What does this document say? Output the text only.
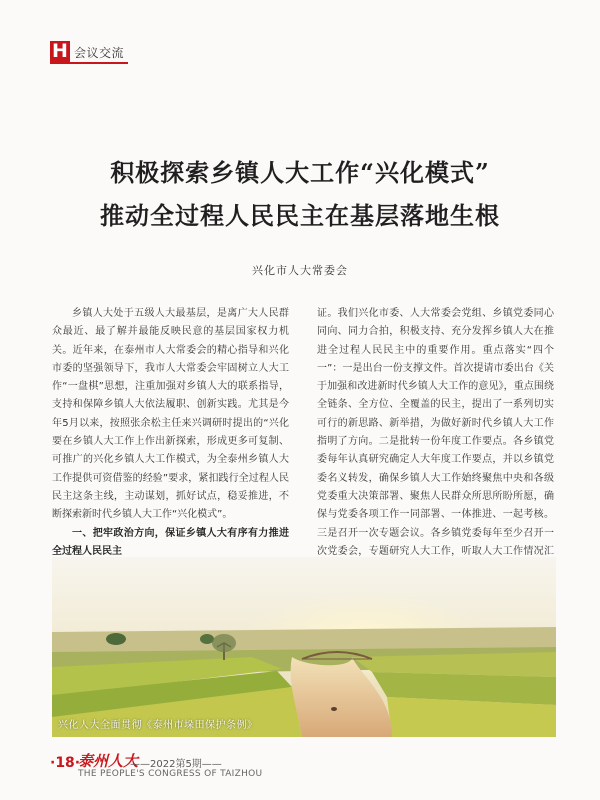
H 会议交流
积极探索乡镇人大工作“兴化模式”
推动全过程人民民主在基层落地生根
兴化市人大常委会

乡镇人大处于五级人大最基层，是离广大人民群众最近、最了解并最能反映民意的基层国家权力机关。近年来，在泰州市人大常委会的精心指导和兴化市委的坚强领导下，我市人大常委会牢固树立人大工作“一盘棋”思想，注重加强对乡镇人大的联系指导，支持和保障乡镇人大依法履职、创新实践。尤其是今年5月以来，按照张余松主任来兴调研时提出的“兴化要在乡镇人大工作上作出新探索，形成更多可复制、可推广的兴化乡镇人大工作模式，为全泰州乡镇人大工作提供可资借鉴的经验”要求，紧扣践行全过程人民民主这条主线，主动谋划，抓好试点，稳妥推进，不断探索新时代乡镇人大工作“兴化模式”。

一、把牢政治方向，保证乡镇人大有序有力推进全过程人民民主

证。我们兴化市委、人大常委会党组、乡镇党委同心同向、同力合拍，积极支持、充分发挥乡镇人大在推进全过程人民民主中的重要作用。重点落实“四个一”：一是出台一份支撑文件。首次提请市委出台《关于加强和改进新时代乡镇人大工作的意见》，重点围绕全链条、全方位、全覆盖的民主，提出了一系列切实可行的新思路、新举措，为做好新时代乡镇人大工作指明了方向。二是批转一份年度工作要点。各乡镇党委每年认真研究确定人大年度工作要点，并以乡镇党委名义转发，确保乡镇人大工作始终聚焦中央和各级党委重大决策部署、聚焦人民群众所思所盼所愿，确保与党委各项工作一同部署、一体推进、一起考核。三是召开一次专题会议。各乡镇党委每年至少召开一次党委会，专题研究人大工作，听取人大工作情况汇

兴化人大全面贯彻《泰州市垛田保护条例》
·18·
泰州人大
——2022第5期——
THE PEOPLE'S CONGRESS OF TAIZHOU
